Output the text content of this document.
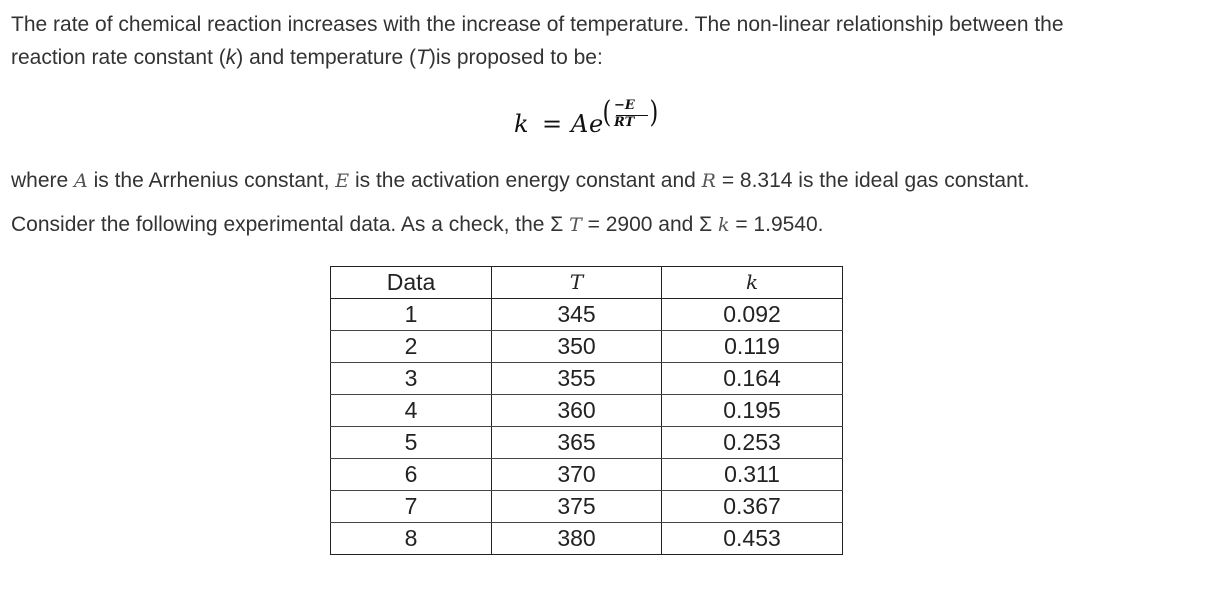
The rate of chemical reaction increases with the increase of temperature. The non-linear relationship between the
reaction rate constant (k) and temperature (T)is proposed to be:
k = A e ( −E
RT )
where A is the Arrhenius constant, E is the activation energy constant and R = 8.314 is the ideal gas constant.
Consider the following experimental data. As a check, the Σ T = 2900 and Σ k = 1.9540.
Data	T	k
1	345	0.092
2	350	0.119
3	355	0.164
4	360	0.195
5	365	0.253
6	370	0.311
7	375	0.367
8	380	0.453
